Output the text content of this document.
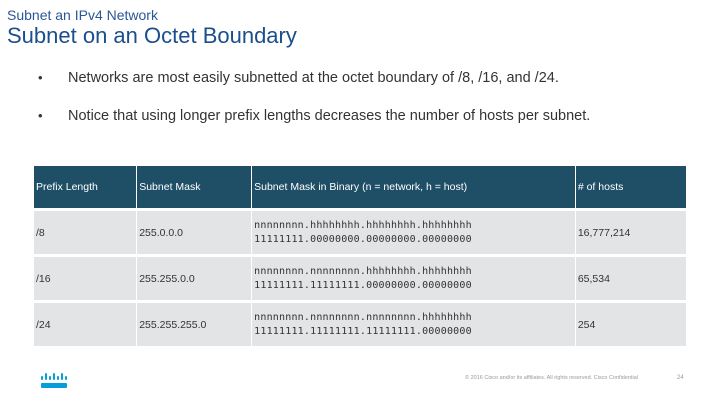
Subnet an IPv4 Network
Subnet on an Octet Boundary
•	Networks are most easily subnetted at the octet boundary of /8, /16, and /24.
•	Notice that using longer prefix lengths decreases the number of hosts per subnet.
Prefix Length	Subnet Mask	Subnet Mask in Binary (n = network, h = host)	# of hosts
/8	255.0.0.0	nnnnnnnn.hhhhhhhh.hhhhhhhh.hhhhhhhh
11111111.00000000.00000000.00000000	16,777,214
/16	255.255.0.0	nnnnnnnn.nnnnnnnn.hhhhhhhh.hhhhhhhh
11111111.11111111.00000000.00000000	65,534
/24	255.255.255.0	nnnnnnnn.nnnnnnnn.nnnnnnnn.hhhhhhhh
11111111.11111111.11111111.00000000	254
© 2016 Cisco and/or its affiliates. All rights reserved. Cisco Confidential	24
